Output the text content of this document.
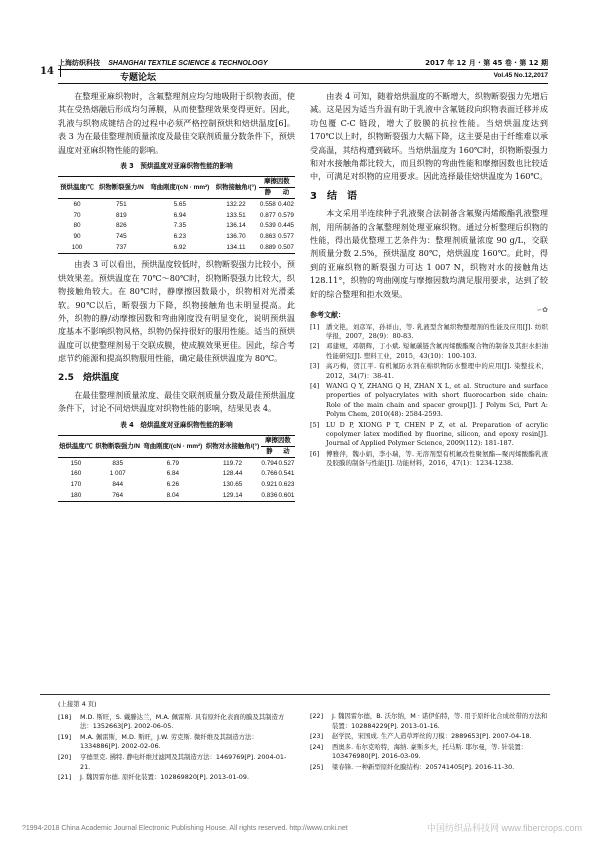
上海纺织科技 SHANGHAI TEXTILE SCIENCE & TECHNOLOGY	2017 年 12 月 · 第 45 卷 · 第 12 期
14
专题论坛	Vol.45 No.12,2017

在整理亚麻织物时，含氟整理剂应均匀地吸附于织物表面，使其在受热熔融后形成均匀薄膜，从而使整理效果变得更好。因此，乳液与织物成键结合的过程中必须严格控制预烘和焙烘温度[6]。表 3 为在最佳整理剂质量浓度及最佳交联剂质量分数条件下，预烘温度对亚麻织物性能的影响。

表 3　预烘温度对亚麻织物性能的影响
预烘温度/℃	织物断裂强力/N	弯曲刚度/(cN · mm²)	织物接触角/(°)	摩擦因数	
				静	动
60	751	5.65	132.22	0.558	0.402
70	819	6.94	133.51	0.877	0.579
80	826	7.35	136.14	0.539	0.445
90	745	6.23	136.70	0.863	0.577
100	737	6.92	134.11	0.889	0.507

由表 3 可以看出，预烘温度较低时，织物断裂强力比较小，预烘效果差。预烘温度在 70℃～80℃时，织物断裂强力比较大，织物接触角较大。在 80℃时，静摩擦因数最小，织物相对光滑柔软。90℃以后，断裂强力下降，织物接触角也未明显提高。此外，织物的静/动摩擦因数和弯曲刚度没有明显变化，说明预烘温度基本不影响织物风格，织物仍保持很好的服用性能。适当的预烘温度可以使整理剂易于交联成膜，使成膜效果更佳。因此，综合考虑节约能源和提高织物服用性能，确定最佳预烘温度为 80℃。

2.5　焙烘温度

在最佳整理剂质量浓度、最佳交联剂质量分数及最佳预烘温度条件下，讨论不同焙烘温度对织物性能的影响，结果见表 4。

表 4　焙烘温度对亚麻织物性能的影响
焙烘温度/℃	织物断裂强力/N	弯曲刚度/(cN · mm²)	织物对水接触角/(°)	摩擦因数	
				静	动
150	835	6.79	119.72	0.794	0.527
160	1 007	6.84	128.44	0.766	0.541
170	844	6.26	130.65	0.921	0.623
180	764	8.04	129.14	0.836	0.601

由表 4 可知，随着焙烘温度的不断增大，织物断裂强力先增后减。这是因为适当升温有助于乳液中含氟链段向织物表面迁移并成功包覆 C-C 链段，增大了胶膜的抗拉性能。当焙烘温度达到 170℃以上时，织物断裂强力大幅下降，这主要是由于纤维难以承受高温，其结构遭到破坏。当焙烘温度为 160℃时，织物断裂强力和对水接触角都比较大，而且织物的弯曲性能和摩擦因数也比较适中，可满足对织物的应用要求。因此选择最佳焙烘温度为 160℃。

3　结　语

本文采用半连续种子乳液聚合法制备含氟聚丙烯酸酯乳液整理剂，用所制备的含氟整理剂处理亚麻织物。通过分析整理后织物的性能，得出最优整理工艺条件为：整理剂质量浓度 90 g/L，交联剂质量分数 2.5%，预烘温度 80℃，焙烘温度 160℃。此时，得到的亚麻织物的断裂强力可达 1 007 N，织物对水的接触角达 128.11°，织物的弯曲刚度与摩擦因数均满足服用要求，达到了较好的综合整理和拒水效果。

∽✿
参考文献：
[1]	潘文艳，刘彦军，孙祥山，等. 乳液型含氟织物整理剂的性能及应用[J]. 纺织学报，2007，28(9)：80-83.
[2]	邓建规，邓朝辉，丁小斌. 短氟碳链含氟丙烯酸酯聚合物的制备及其拒水拒油性能研究[J]. 塑料工业，2015，43(10)：100-103.
[3]	高巧梅，贺江平. 有机氟防水剂在棉织物防水整理中的应用[J]. 染整技术，2012，34(7)：38-41.
[4]	WANG Q Y, ZHANG Q H, ZHAN X L, et al. Structure and surface properties of polyacrylates with short fluorocarbon side chain: Role of the main chain and spacer group[J]. J Polym Sci, Part A: Polym Chem, 2010(48): 2584-2593.
[5]	LU D P, XIONG P T, CHEN P Z, et al. Preparation of acrylic copolymer latex modified by fluorine, silicon, and epoxy resin[J]. Journal of Applied Polymer Science, 2009(112): 181-187.
[6]	傅雅萍，魏小娟，李小瑞，等. 无溶剂型有机氟改性聚氨酯—聚丙烯酸酯乳液及胶膜的制备与性能[J]. 功能材料，2016，47(1)：1234-1238.
(上接第 4 页)
[18]	M.D. 斯旺，S. 戴滕达兰，M.A. 佩雷斯. 具有原纤化表面的膜及其制造方法：1352663[P]. 2002-06-05.
[19]	M.A. 佩雷斯，M.D. 斯旺，J.W. 劳克斯. 微纤维及其制造方法：1334886[P]. 2002-02-06.
[20]	亨德里克. 拂特. 静电纤维过滤网及其制造方法：1469769[P]. 2004-01-21.
[21]	J. 魏因雷尔德. 原纤化装置：102869820[P]. 2013-01-09.
[22]	J. 魏因雷尔德，B. 沃尔纳，M · 诺伊伯特，等. 用于原纤化合成丝带的方法和装置：102884229[P]. 2013-01-16.
[23]	赵学民，宋国成. 生产人造草坪丝的刀模：2889653[P]. 2007-04-18.
[24]	西奥多. 布尔克哈特，海纳. 豪斯多夫，托马斯. 耶尔曼，等. 针装置：103476980[P]. 2016-03-09.
[25]	梁春锋. 一种新型原纤化膜结构：205741405[P]. 2016-11-30.
?1994-2018 China Academic Journal Electronic Publishing House. All rights reserved. http://www.cnki.net	中国纺织品科技网 www.fibercrops.com
